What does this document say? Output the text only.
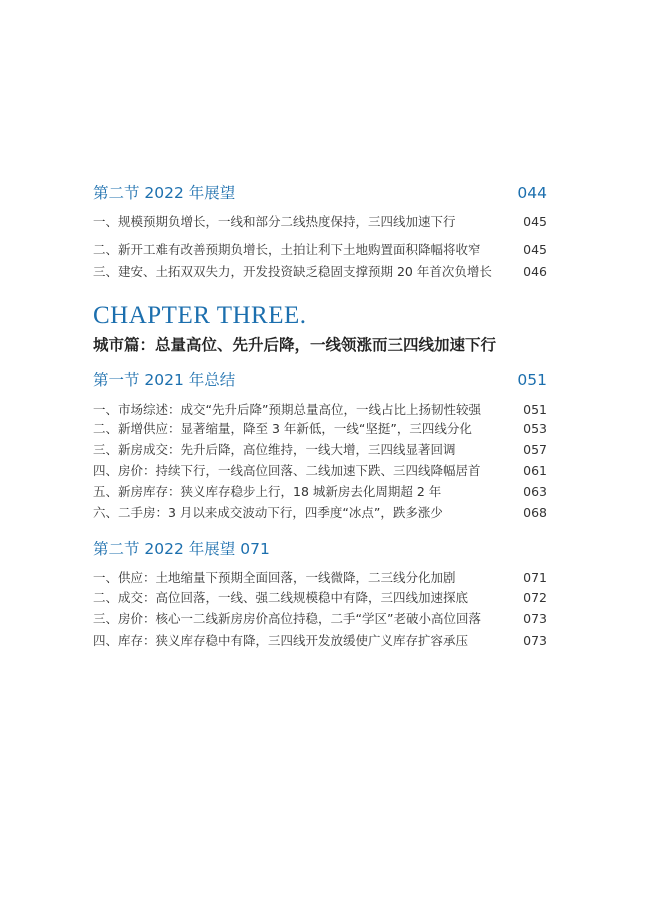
第二节 2022 年展望	044
一、规模预期负增长，一线和部分二线热度保持，三四线加速下行	045
二、新开工难有改善预期负增长，土拍让利下土地购置面积降幅将收窄	045
三、建安、土拓双双失力，开发投资缺乏稳固支撑预期 20 年首次负增长	046
CHAPTER THREE.
城市篇：总量高位、先升后降，一线领涨而三四线加速下行
第一节 2021 年总结	051
一、市场综述：成交“先升后降”预期总量高位，一线占比上扬韧性较强	051
二、新增供应：显著缩量，降至 3 年新低，一线“坚挺”，三四线分化	053
三、新房成交：先升后降，高位维持，一线大增，三四线显著回调	057
四、房价：持续下行，一线高位回落、二线加速下跌、三四线降幅居首	061
五、新房库存：狭义库存稳步上行，18 城新房去化周期超 2 年	063
六、二手房：3 月以来成交波动下行，四季度“冰点”，跌多涨少	068
第二节 2022 年展望 071
一、供应：土地缩量下预期全面回落，一线微降，二三线分化加剧	071
二、成交：高位回落，一线、强二线规模稳中有降，三四线加速探底	072
三、房价：核心一二线新房房价高位持稳，二手“学区”老破小高位回落	073
四、库存：狭义库存稳中有降，三四线开发放缓使广义库存扩容承压	073
